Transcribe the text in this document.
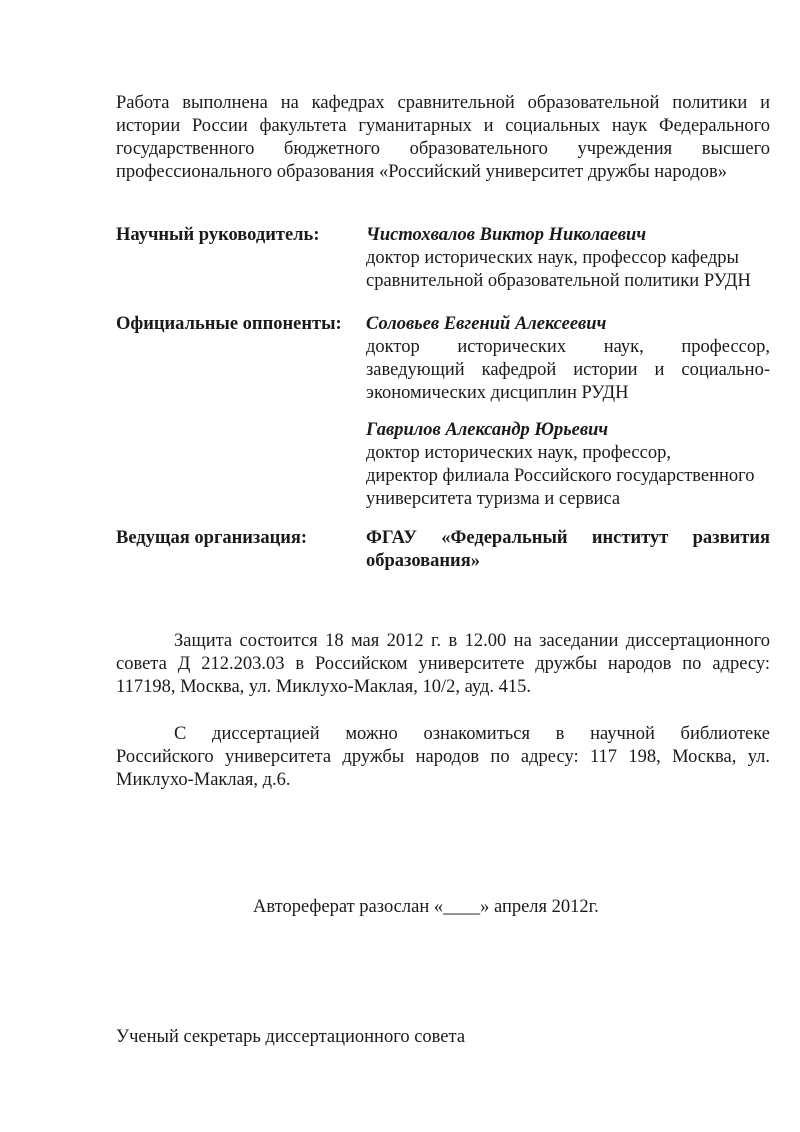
Работа выполнена на кафедрах сравнительной образовательной политики и
истории России факультета гуманитарных и социальных наук Федерального
государственного бюджетного образовательного учреждения высшего
профессионального образования «Российский университет дружбы народов»
Научный руководитель:	Чистохвалов Виктор Николаевич
доктор исторических наук, профессор кафедры
сравнительной образовательной политики РУДН
Официальные оппоненты: Соловьев Евгений Алексеевич
доктор исторических наук, профессор,
заведующий кафедрой истории и социально-
экономических дисциплин РУДН
Гаврилов Александр Юрьевич
доктор исторических наук, профессор,
директор филиала Российского государственного
университета туризма и сервиса
Ведущая организация:	ФГАУ «Федеральный институт развития
образования»
Защита состоится 18 мая 2012 г. в 12.00 на заседании диссертационного
совета Д 212.203.03 в Российском университете дружбы народов по адресу:
117198, Москва, ул. Миклухо-Маклая, 10/2, ауд. 415.
С диссертацией можно ознакомиться в научной библиотеке
Российского университета дружбы народов по адресу: 117 198, Москва, ул.
Миклухо-Маклая, д.6.
Автореферат разослан «____» апреля 2012г.
Ученый секретарь диссертационного совета
